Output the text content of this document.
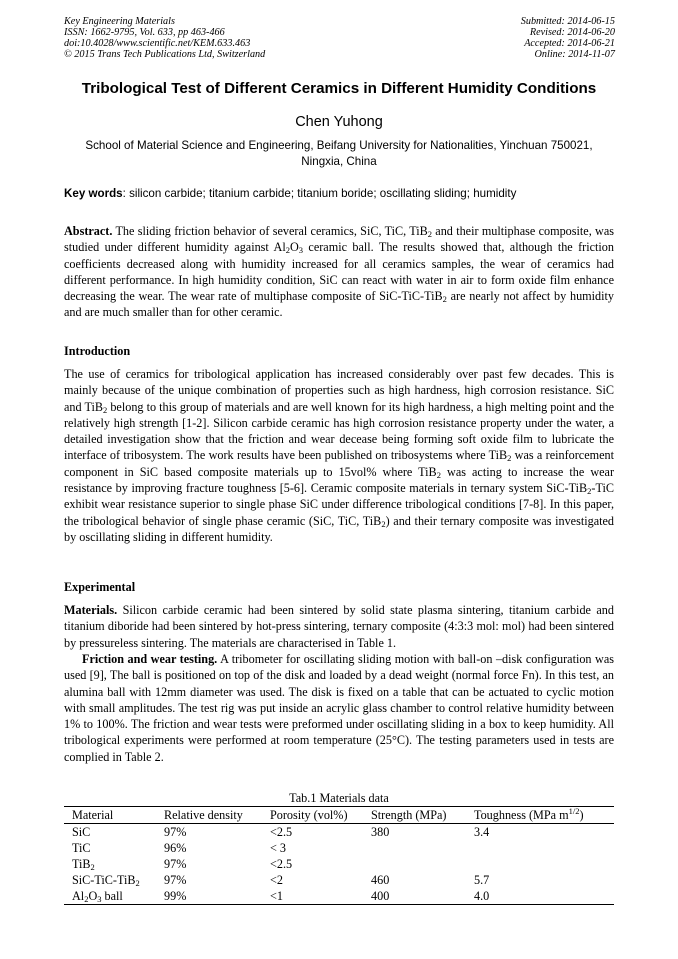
Key Engineering Materials
ISSN: 1662-9795, Vol. 633, pp 463-466
doi:10.4028/www.scientific.net/KEM.633.463
© 2015 Trans Tech Publications Ltd, Switzerland
Submitted: 2014-06-15
Revised: 2014-06-20
Accepted: 2014-06-21
Online: 2014-11-07
Tribological Test of Different Ceramics in Different Humidity Conditions
Chen Yuhong
School of Material Science and Engineering, Beifang University for Nationalities, Yinchuan 750021, Ningxia, China
Key words: silicon carbide; titanium carbide; titanium boride; oscillating sliding; humidity

Abstract. The sliding friction behavior of several ceramics, SiC, TiC, TiB$_2$ and their multiphase composite, was studied under different humidity against $Al_2O_3$ ceramic ball. The results showed that, although the friction coefficients decreased along with humidity increased for all ceramics samples, the wear of ceramics had different performance. In high humidity condition, SiC can react with water in air to form oxide film enhance decreasing the wear. The wear rate of multiphase composite of SiC-TiC-TiB$_2$ are nearly not affect by humidity and are much smaller than for other ceramic.

Introduction

The use of ceramics for tribological application has increased considerably over past few decades. This is mainly because of the unique combination of properties such as high hardness, high corrosion resistance. SiC and TiB$_2$ belong to this group of materials and are well known for its high hardness, a high melting point and the relatively high strength [1-2]. Silicon carbide ceramic has high corrosion resistance property under the water, a detailed investigation show that the friction and wear decease being forming soft oxide film to lubricate the interface of tribosystem. The work results have been published on tribosystems where TiB$_2$ was a reinforcement component in SiC based composite materials up to 15vol% where TiB$_2$ was acting to increase the wear resistance by improving fracture toughness [5-6]. Ceramic composite materials in ternary system SiC-TiB$_2$-TiC exhibit wear resistance superior to single phase SiC under difference tribological conditions [7-8]. In this paper, the tribological behavior of single phase ceramic (SiC, TiC, TiB$_2$) and their ternary composite was investigated by oscillating sliding in different humidity.

Experimental

Materials. Silicon carbide ceramic had been sintered by solid state plasma sintering, titanium carbide and titanium diboride had been sintered by hot-press sintering, ternary composite (4:3:3 mol: mol) had been sintered by pressureless sintering. The materials are characterised in Table 1.

Friction and wear testing. A tribometer for oscillating sliding motion with ball-on –disk configuration was used [9], The ball is positioned on top of the disk and loaded by a dead weight (normal force Fn). In this test, an alumina ball with 12mm diameter was used. The disk is fixed on a table that can be actuated to cyclic motion with small amplitudes. The test rig was put inside an acrylic glass chamber to control relative humidity between 1% to 100%. The friction and wear tests were preformed under oscillating sliding in a box to keep humidity. All tribological experiments were performed at room temperature (25°C). The testing parameters used in tests are complied in Table 2.

Tab.1 Materials data
Material	Relative density	Porosity (vol%)	Strength (MPa)	Toughness (MPa $m^{1/2}$)
SiC	97%	<2.5	380	3.4
TiC	96%	< 3		
TiB$_2$	97%	<2.5		
SiC-TiC-TiB$_2$	97%	<2	460	5.7
$Al_2O_3$ ball	99%	<1	400	4.0
